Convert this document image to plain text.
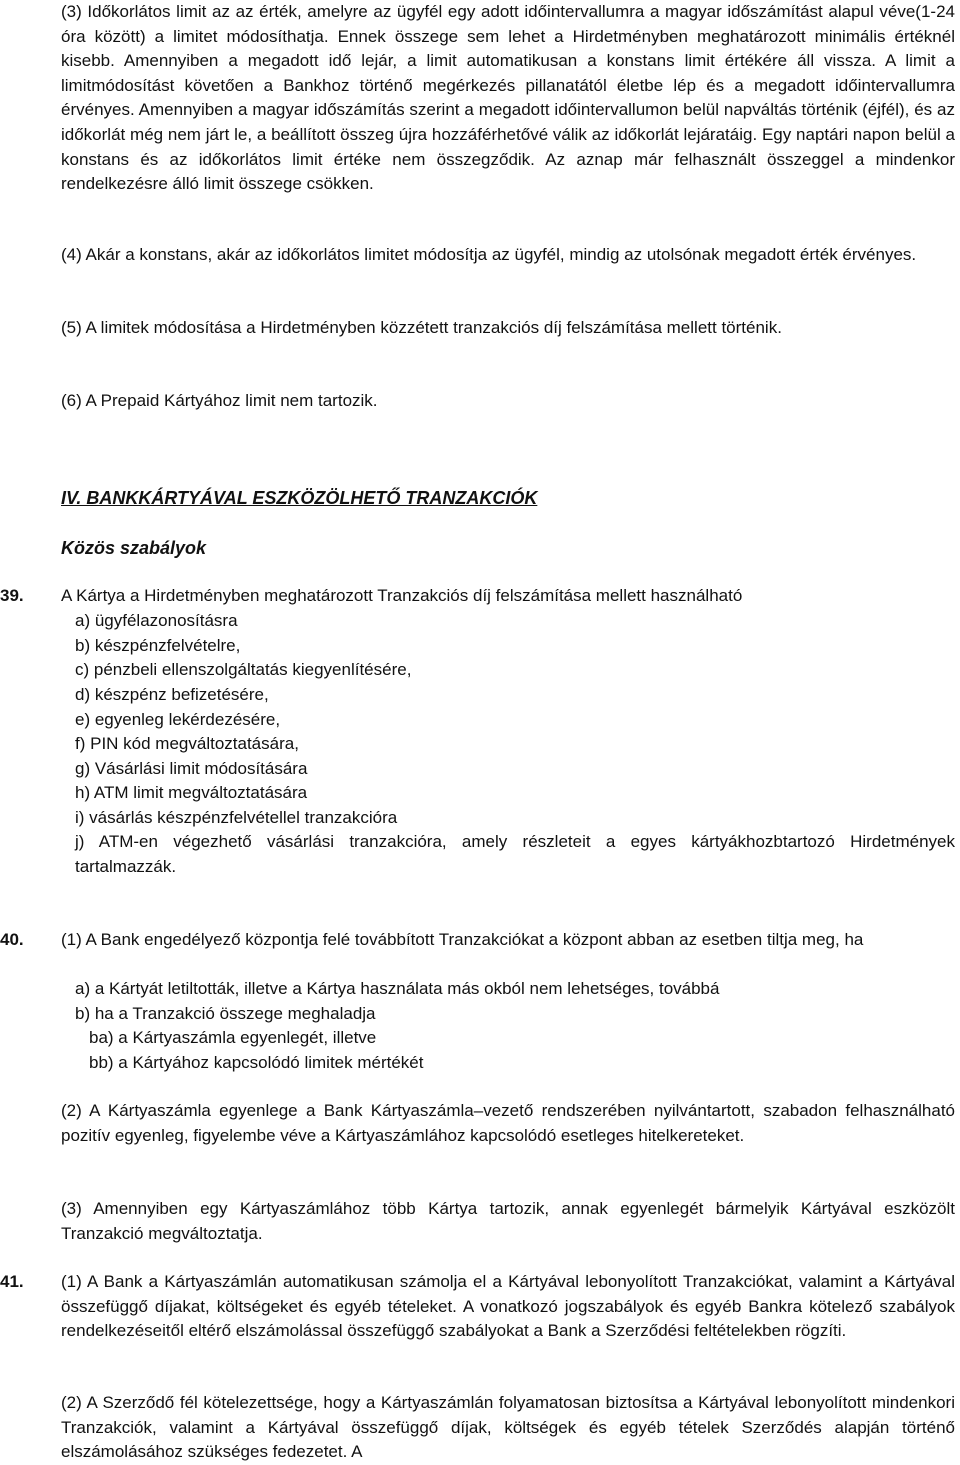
(3) Időkorlátos limit az az érték, amelyre az ügyfél egy adott időintervallumra a magyar időszámítást alapul véve(1-24 óra között) a limitet módosíthatja. Ennek összege sem lehet a Hirdetményben meghatározott minimális értéknél kisebb. Amennyiben a megadott idő lejár, a limit automatikusan a konstans limit értékére áll vissza. A limit a limitmódosítást követően a Bankhoz történő megérkezés pillanatától életbe lép és a megadott időintervallumra érvényes. Amennyiben a magyar időszámítás szerint a megadott időintervallumon belül napváltás történik (éjfél), és az időkorlát még nem járt le, a beállított összeg újra hozzáférhetővé válik az időkorlát lejáratáig. Egy naptári napon belül a konstans és az időkorlátos limit értéke nem összegződik. Az aznap már felhasznált összeggel a mindenkor rendelkezésre álló limit összege csökken.

(4) Akár a konstans, akár az időkorlátos limitet módosítja az ügyfél, mindig az utolsónak megadott érték érvényes.

(5) A limitek módosítása a Hirdetményben közzétett tranzakciós díj felszámítása mellett történik.

(6) A Prepaid Kártyához limit nem tartozik.

IV. BANKKÁRTYÁVAL ESZKÖZÖLHETŐ TRANZAKCIÓK

Közös szabályok

39. A Kártya a Hirdetményben meghatározott Tranzakciós díj felszámítása mellett használható
a) ügyfélazonosításra
b) készpénzfelvételre,
c) pénzbeli ellenszolgáltatás kiegyenlítésére,
d) készpénz befizetésére,
e) egyenleg lekérdezésére,
f) PIN kód megváltoztatására,
g) Vásárlási limit módosítására
h) ATM limit megváltoztatására
i) vásárlás készpénzfelvétellel tranzakcióra

j) ATM-en végezhető vásárlási tranzakcióra, amely részleteit a egyes kártyákhozbtartozó Hirdetmények tartalmazzák.

40. (1) A Bank engedélyező központja felé továbbított Tranzakciókat a központ abban az esetben tiltja meg, ha

a) a Kártyát letiltották, illetve a Kártya használata más okból nem lehetséges, továbbá
b) ha a Tranzakció összege meghaladja
ba) a Kártyaszámla egyenlegét, illetve
bb) a Kártyához kapcsolódó limitek mértékét

(2) A Kártyaszámla egyenlege a Bank Kártyaszámla–vezető rendszerében nyilvántartott, szabadon felhasználható pozitív egyenleg, figyelembe véve a Kártyaszámlához kapcsolódó esetleges hitelkereteket.

(3) Amennyiben egy Kártyaszámlához több Kártya tartozik, annak egyenlegét bármelyik Kártyával eszközölt Tranzakció megváltoztatja.

41. (1) A Bank a Kártyaszámlán automatikusan számolja el a Kártyával lebonyolított Tranzakciókat, valamint a Kártyával összefüggő díjakat, költségeket és egyéb tételeket. A vonatkozó jogszabályok és egyéb Bankra kötelező szabályok rendelkezéseitől eltérő elszámolással összefüggő szabályokat a Bank a Szerződési feltételekben rögzíti.

(2) A Szerződő fél kötelezettsége, hogy a Kártyaszámlán folyamatosan biztosítsa a Kártyával lebonyolított mindenkori Tranzakciók, valamint a Kártyával összefüggő díjak, költségek és egyéb tételek Szerződés alapján történő elszámolásához szükséges fedezetet. A
